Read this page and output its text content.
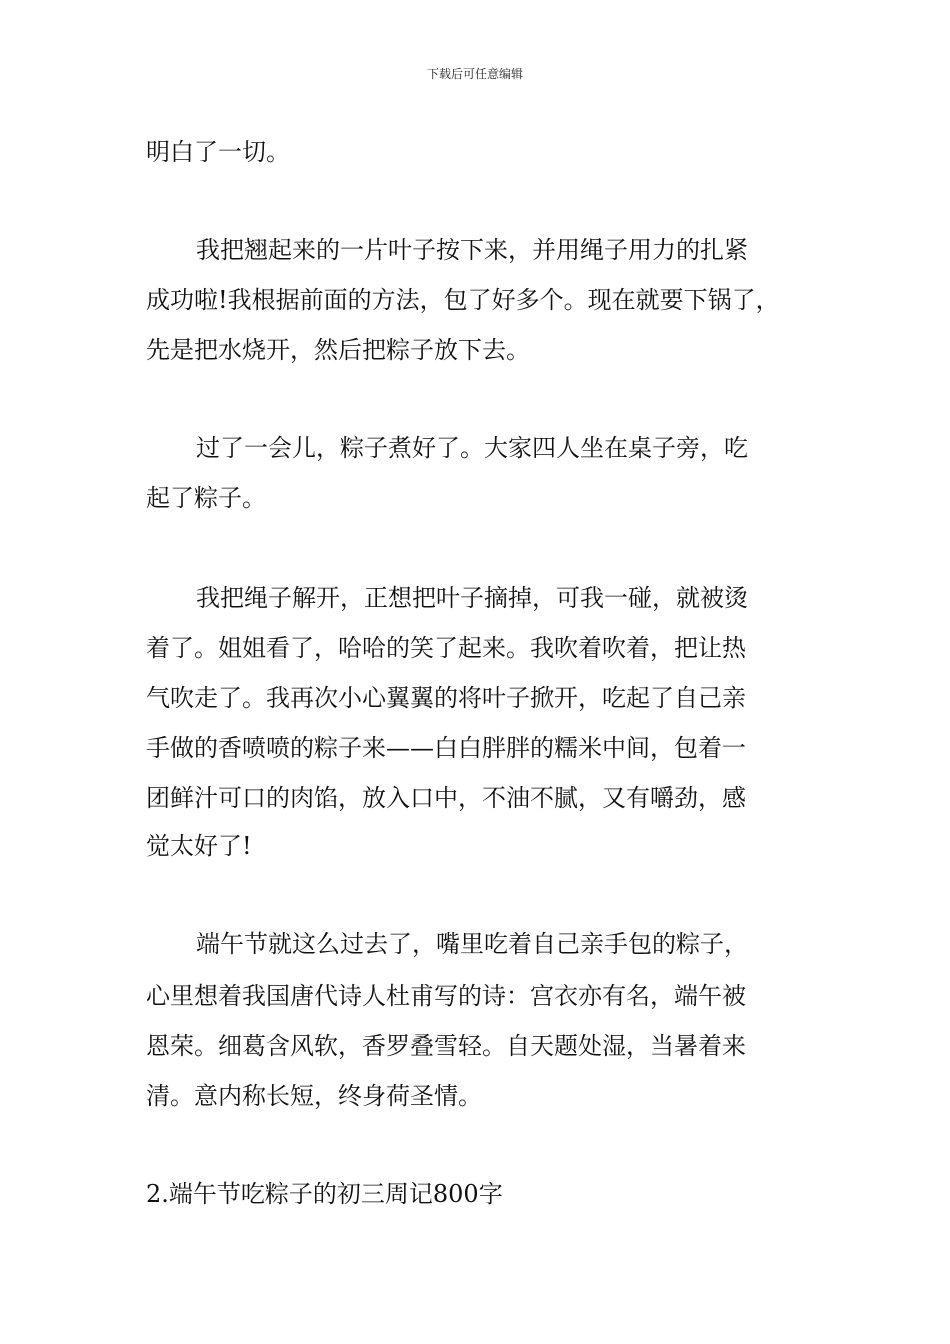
下载后可任意编辑
明白了一切。
我把翘起来的一片叶子按下来，并用绳子用力的扎紧
成功啦!我根据前面的方法，包了好多个。现在就要下锅了，
先是把水烧开，然后把粽子放下去。
过了一会儿，粽子煮好了。大家四人坐在桌子旁，吃
起了粽子。
我把绳子解开，正想把叶子摘掉，可我一碰，就被烫
着了。姐姐看了，哈哈的笑了起来。我吹着吹着，把让热
气吹走了。我再次小心翼翼的将叶子掀开，吃起了自己亲
手做的香喷喷的粽子来——白白胖胖的糯米中间，包着一
团鲜汁可口的肉馅，放入口中，不油不腻，又有嚼劲，感
觉太好了!
端午节就这么过去了，嘴里吃着自己亲手包的粽子，
心里想着我国唐代诗人杜甫写的诗：宫衣亦有名，端午被
恩荣。细葛含风软，香罗叠雪轻。自天题处湿，当暑着来
清。意内称长短，终身荷圣情。
2.端午节吃粽子的初三周记800字
